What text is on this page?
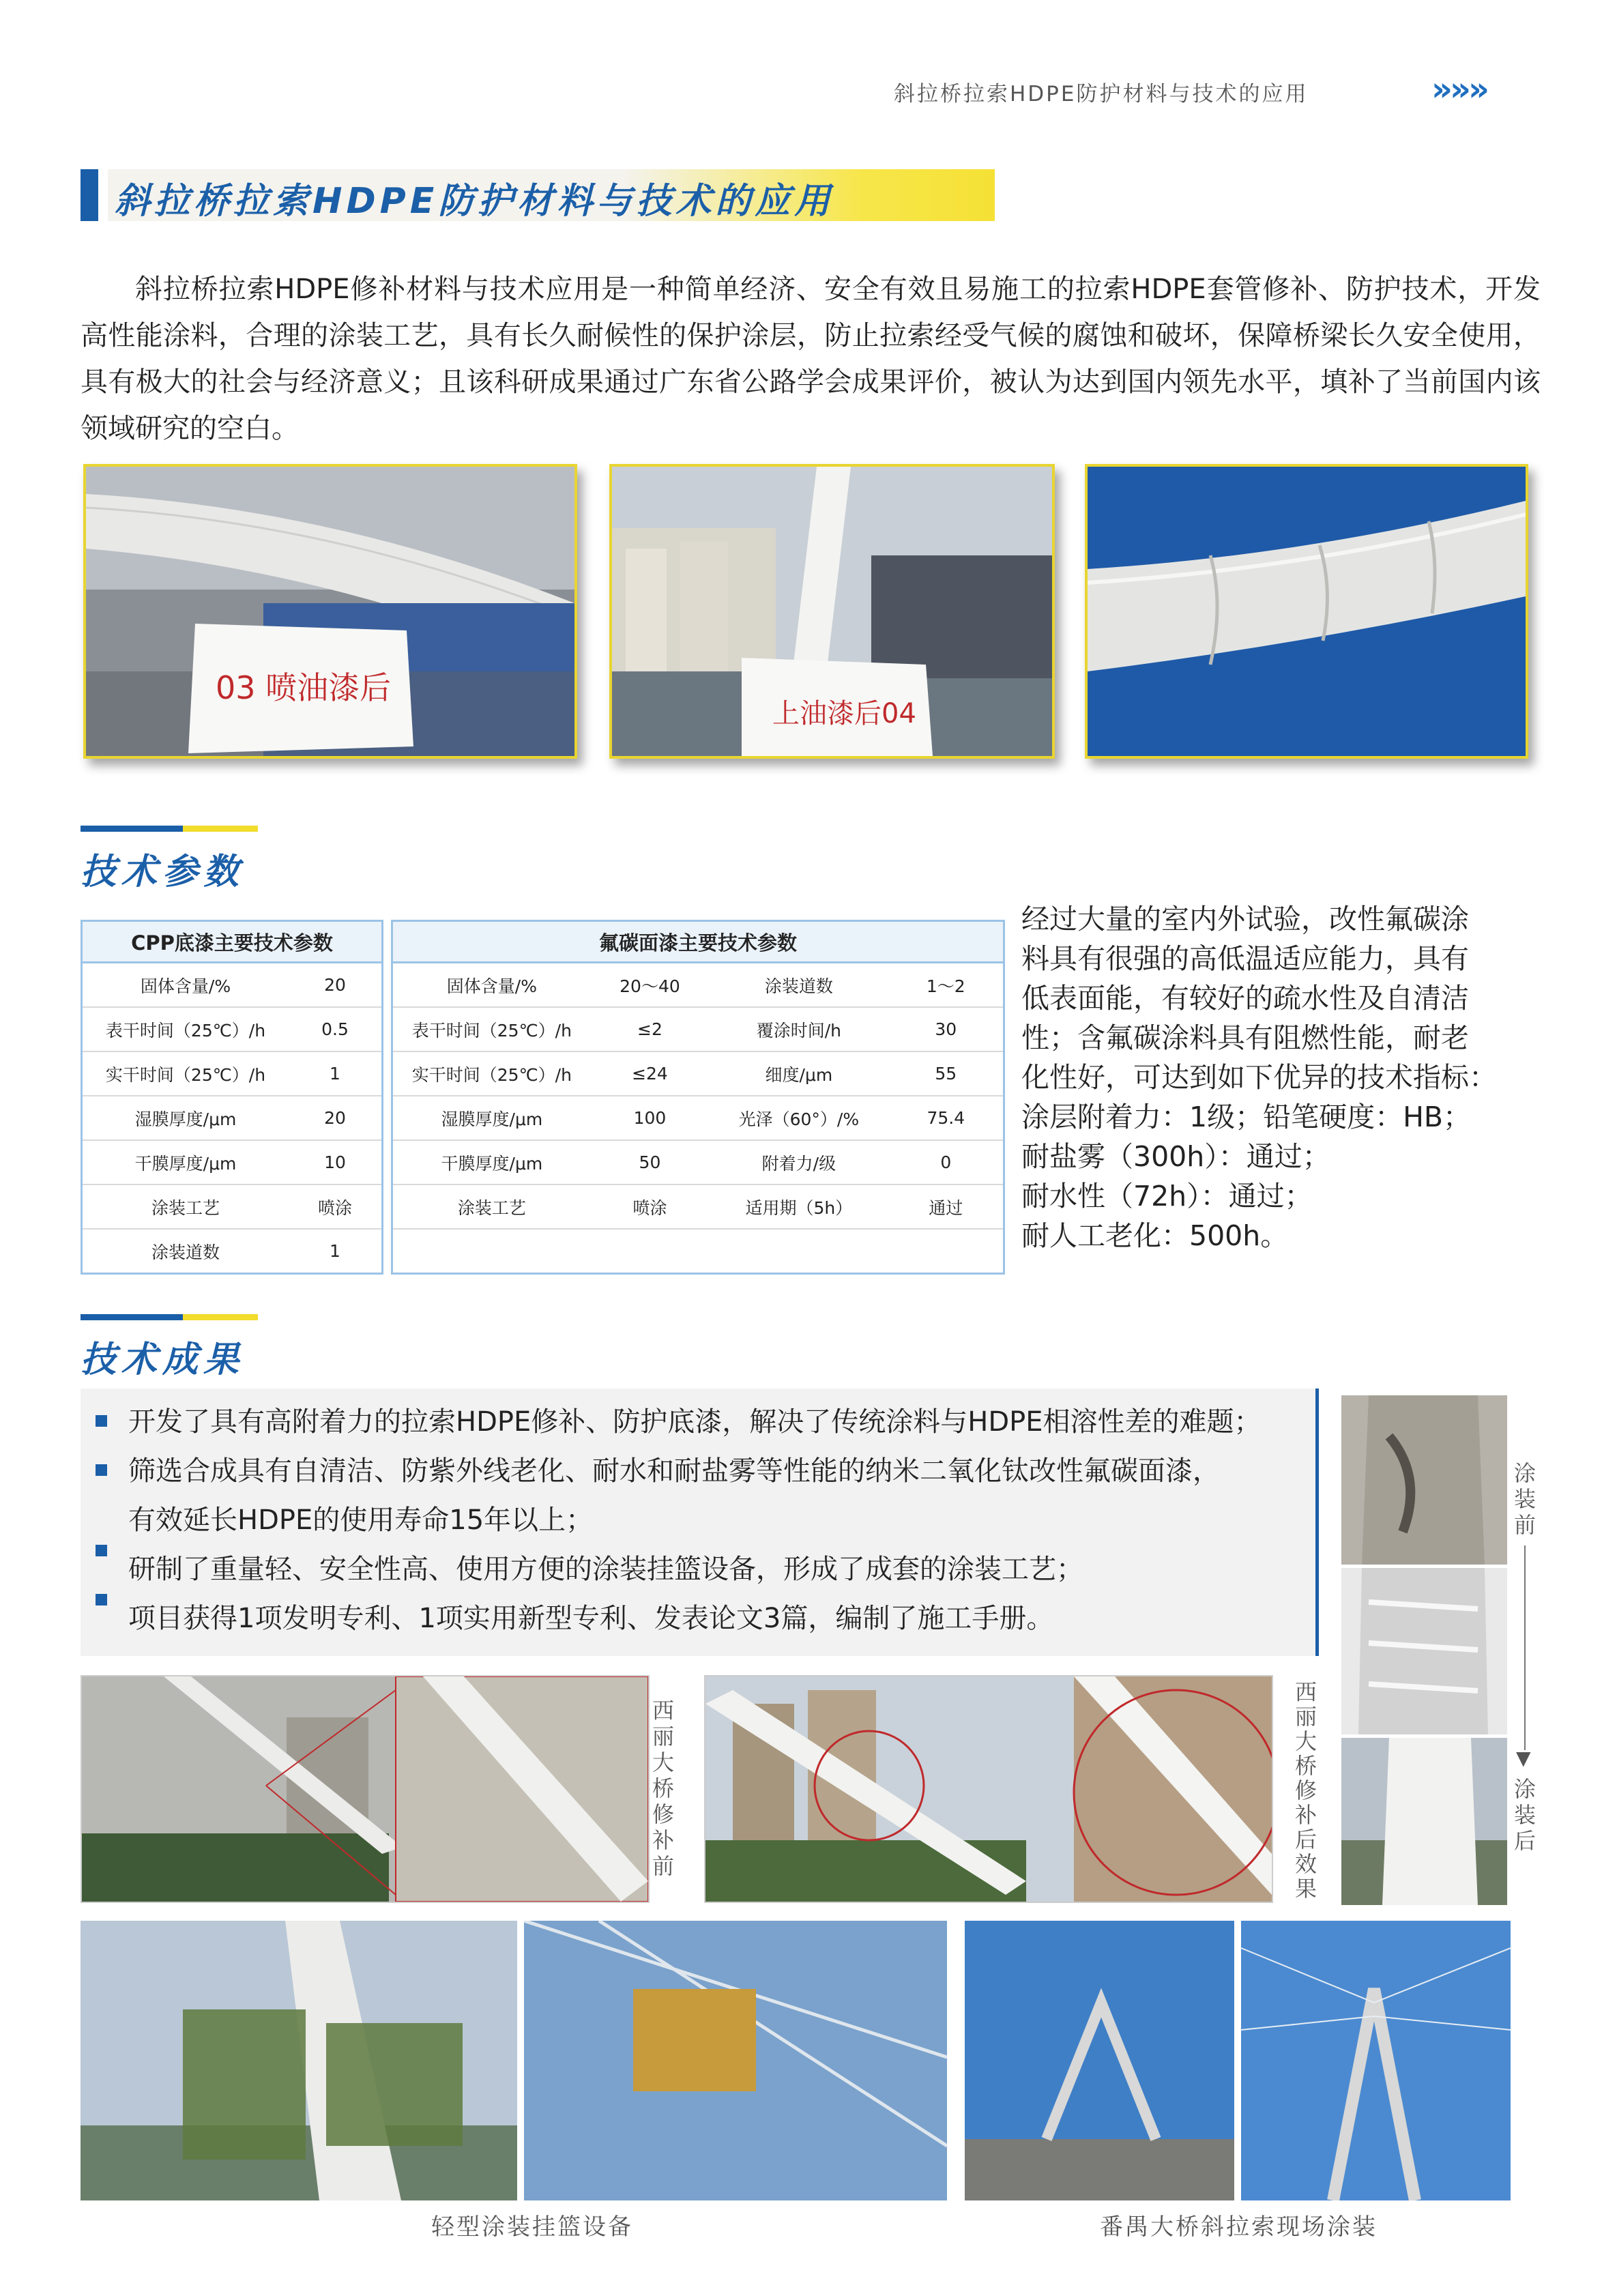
斜拉桥拉索HDPE防护材料与技术的应用	»»»
斜拉桥拉索HDPE防护材料与技术的应用

斜拉桥拉索HDPE修补材料与技术应用是一种简单经济、安全有效且易施工的拉索HDPE套管修补、防护技术，开发高性能涂料，合理的涂装工艺，具有长久耐候性的保护涂层，防止拉索经受气候的腐蚀和破坏，保障桥梁长久安全使用，具有极大的社会与经济意义；且该科研成果通过广东省公路学会成果评价，被认为达到国内领先水平，填补了当前国内该领域研究的空白。

03 喷油漆后
上油漆后04
技术参数
CPP底漆主要技术参数	
固体含量/%	20
表干时间（25℃）/h	0.5
实干时间（25℃）/h	1
湿膜厚度/μm	20
干膜厚度/μm	10
涂装工艺	喷涂
涂装道数	1
氟碳面漆主要技术参数			
固体含量/%	20～40	涂装道数	1～2
表干时间（25℃）/h	≤2	覆涂时间/h	30
实干时间（25℃）/h	≤24	细度/μm	55
湿膜厚度/μm	100	光泽（60°）/%	75.4
干膜厚度/μm	50	附着力/级	0
涂装工艺	喷涂	适用期（5h）	通过

经过大量的室内外试验，改性氟碳涂
料具有很强的高低温适应能力，具有
低表面能，有较好的疏水性及自清洁
性；含氟碳涂料具有阻燃性能，耐老
化性好，可达到如下优异的技术指标：
涂层附着力：1级；铅笔硬度：HB；
耐盐雾（300h）：通过；
耐水性（72h）：通过；
耐人工老化：500h。
技术成果
开发了具有高附着力的拉索HDPE修补、防护底漆，解决了传统涂料与HDPE相溶性差的难题；
筛选合成具有自清洁、防紫外线老化、耐水和耐盐雾等性能的纳米二氧化钛改性氟碳面漆，
有效延长HDPE的使用寿命15年以上；
研制了重量轻、安全性高、使用方便的涂装挂篮设备，形成了成套的涂装工艺；
项目获得1项发明专利、1项实用新型专利、发表论文3篇，编制了施工手册。
涂装前
▼
涂装后
西丽大桥修补前
西丽大桥修补后效果
轻型涂装挂篮设备	番禺大桥斜拉索现场涂装
